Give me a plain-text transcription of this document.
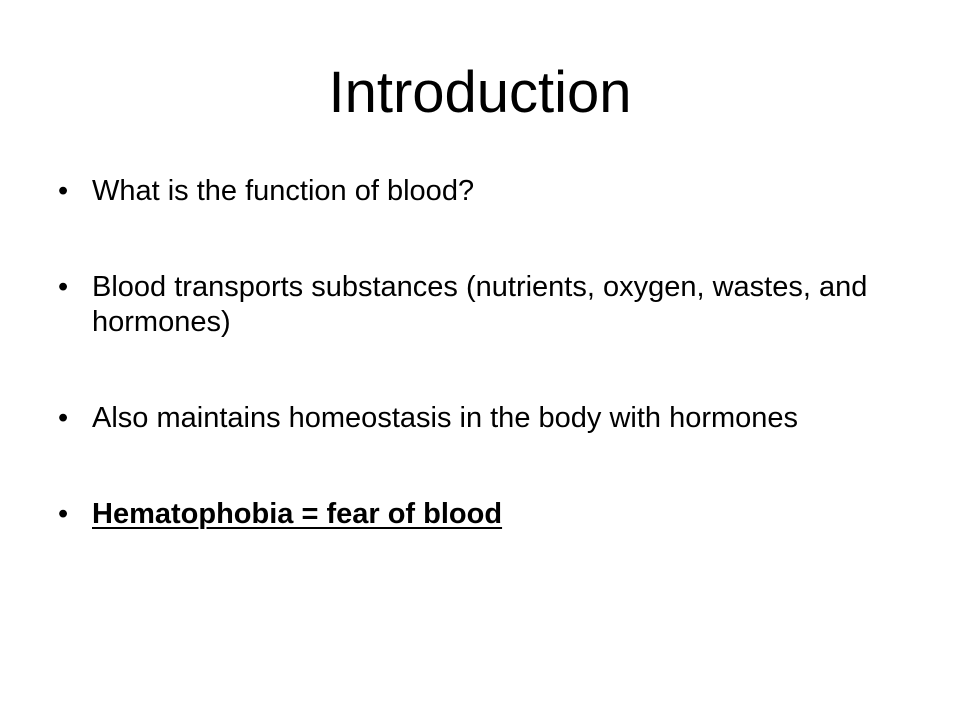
Introduction
• What is the function of blood?
• Blood transports substances (nutrients, oxygen, wastes, and hormones)
• Also maintains homeostasis in the body with hormones
• Hematophobia = fear of blood
